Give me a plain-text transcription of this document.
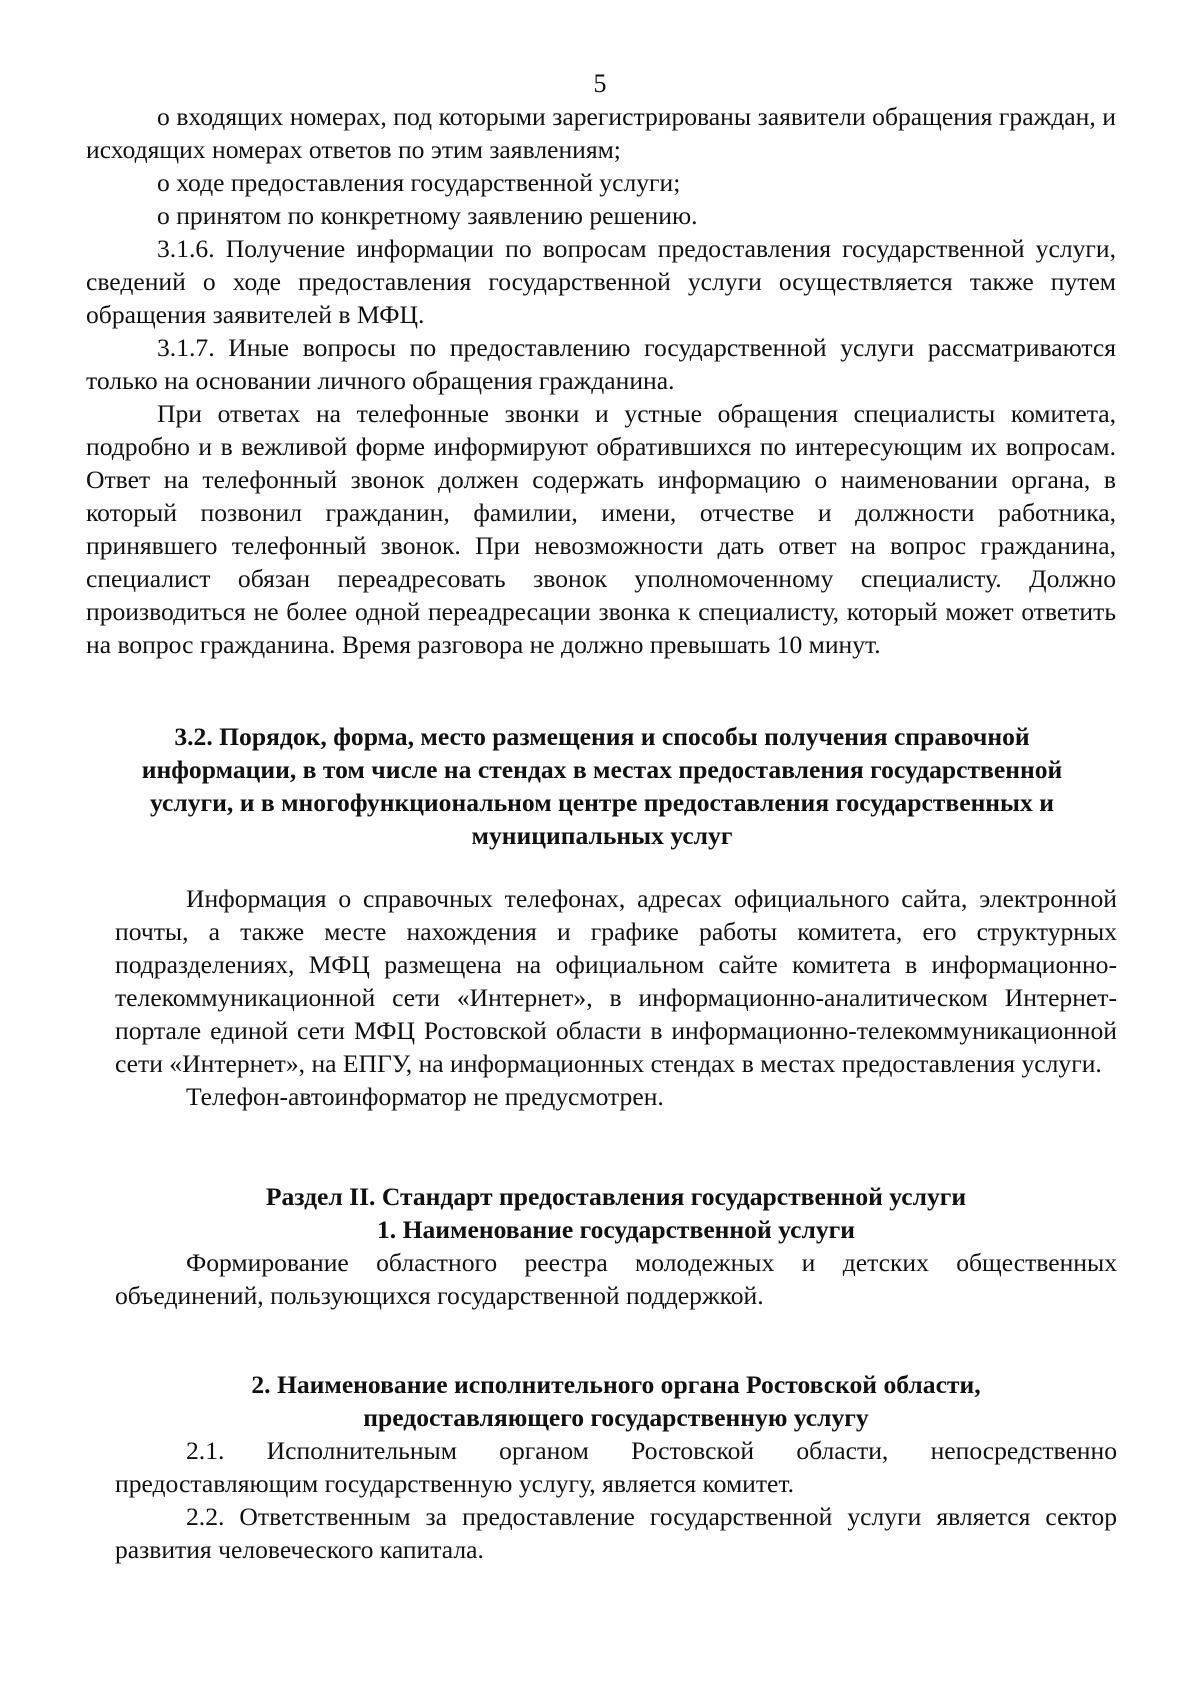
5

о входящих номерах, под которыми зарегистрированы заявители обращения граждан, и исходящих номерах ответов по этим заявлениям;

о ходе предоставления государственной услуги;

о принятом по конкретному заявлению решению.

3.1.6. Получение информации по вопросам предоставления государственной услуги, сведений о ходе предоставления государственной услуги осуществляется также путем обращения заявителей в МФЦ.

3.1.7. Иные вопросы по предоставлению государственной услуги рассматриваются только на основании личного обращения гражданина.

При ответах на телефонные звонки и устные обращения специалисты комитета, подробно и в вежливой форме информируют обратившихся по интересующим их вопросам. Ответ на телефонный звонок должен содержать информацию о наименовании органа, в который позвонил гражданин, фамилии, имени, отчестве и должности работника, принявшего телефонный звонок. При невозможности дать ответ на вопрос гражданина, специалист обязан переадресовать звонок уполномоченному специалисту. Должно производиться не более одной переадресации звонка к специалисту, который может ответить на вопрос гражданина. Время разговора не должно превышать 10 минут.

3.2. Порядок, форма, место размещения и способы получения справочной
информации, в том числе на стендах в местах предоставления государственной
услуги, и в многофункциональном центре предоставления государственных и
муниципальных услуг

Информация о справочных телефонах, адресах официального сайта, электронной почты, а также месте нахождения и графике работы комитета, его структурных подразделениях, МФЦ размещена на официальном сайте комитета в информационно-телекоммуникационной сети «Интернет», в информационно-аналитическом Интернет-портале единой сети МФЦ Ростовской области в информационно-телекоммуникационной сети «Интернет», на ЕПГУ, на информационных стендах в местах предоставления услуги.

Телефон-автоинформатор не предусмотрен.

Раздел II. Стандарт предоставления государственной услуги
1. Наименование государственной услуги

Формирование областного реестра молодежных и детских общественных объединений, пользующихся государственной поддержкой.

2. Наименование исполнительного органа Ростовской области,
предоставляющего государственную услугу

2.1. Исполнительным органом Ростовской области, непосредственно предоставляющим государственную услугу, является комитет.

2.2. Ответственным за предоставление государственной услуги является сектор развития человеческого капитала.
